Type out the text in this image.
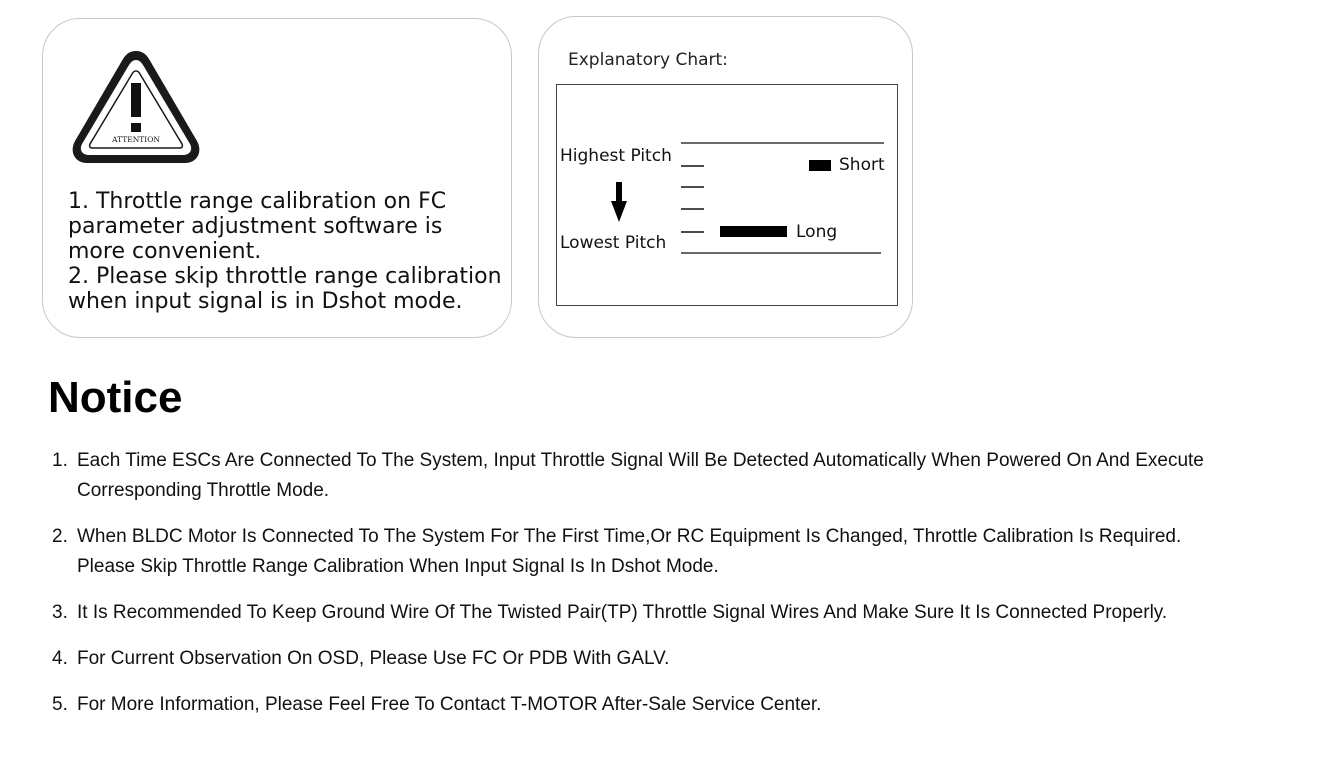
ATTENTION
1. Throttle range calibration on FC
parameter adjustment software is
more convenient.
2. Please skip throttle range calibration
when input signal is in Dshot mode.
Explanatory Chart:
Highest Pitch
Lowest Pitch
Short
Long
Notice
1. Each Time ESCs Are Connected To The System, Input Throttle Signal Will Be Detected Automatically When Powered On And Execute
Corresponding Throttle Mode.
2. When BLDC Motor Is Connected To The System For The First Time,Or RC Equipment Is Changed, Throttle Calibration Is Required.
Please Skip Throttle Range Calibration When Input Signal Is In Dshot Mode.
3. It Is Recommended To Keep Ground Wire Of The Twisted Pair(TP) Throttle Signal Wires And Make Sure It Is Connected Properly.
4. For Current Observation On OSD, Please Use FC Or PDB With GALV.
5. For More Information, Please Feel Free To Contact T-MOTOR After-Sale Service Center.
